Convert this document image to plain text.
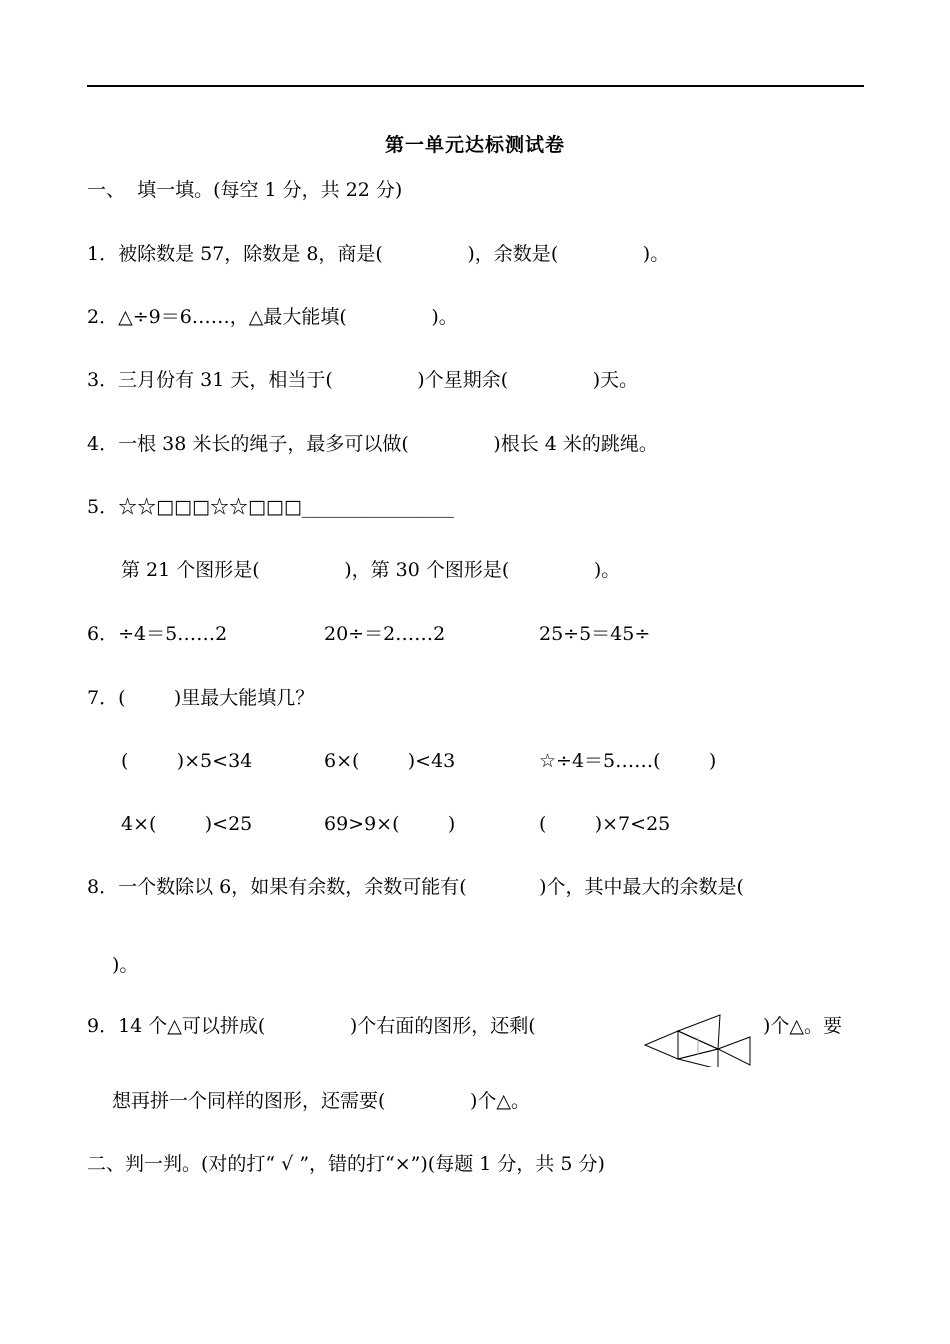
第一单元达标测试卷
一、  填一填。(每空 1 分，共 22 分)
1．被除数是 57，除数是 8，商是(              )，余数是(              )。
2．△÷9＝6……，△最大能填(              )。
3．三月份有 31 天，相当于(              )个星期余(              )天。
4．一根 38 米长的绳子，最多可以做(              )根长 4 米的跳绳。
5．☆☆□□□☆☆□□□________________
第 21 个图形是(              )，第 30 个图形是(              )。
6．÷4＝5……2	20÷＝2……2	25÷5＝45÷
7．(        )里最大能填几？
(        )×5<34	6×(        )<43	☆÷4＝5……(        )
4×(        )<25	69>9×(        )	(        )×7<25
8．一个数除以 6，如果有余数，余数可能有(            )个，其中最大的余数是(
)。
9．14 个△可以拼成(              )个右面的图形，还剩(	)个△。要
想再拼一个同样的图形，还需要(              )个△。
二、判一判。(对的打“ √ ”，错的打“×”)(每题 1 分，共 5 分)
